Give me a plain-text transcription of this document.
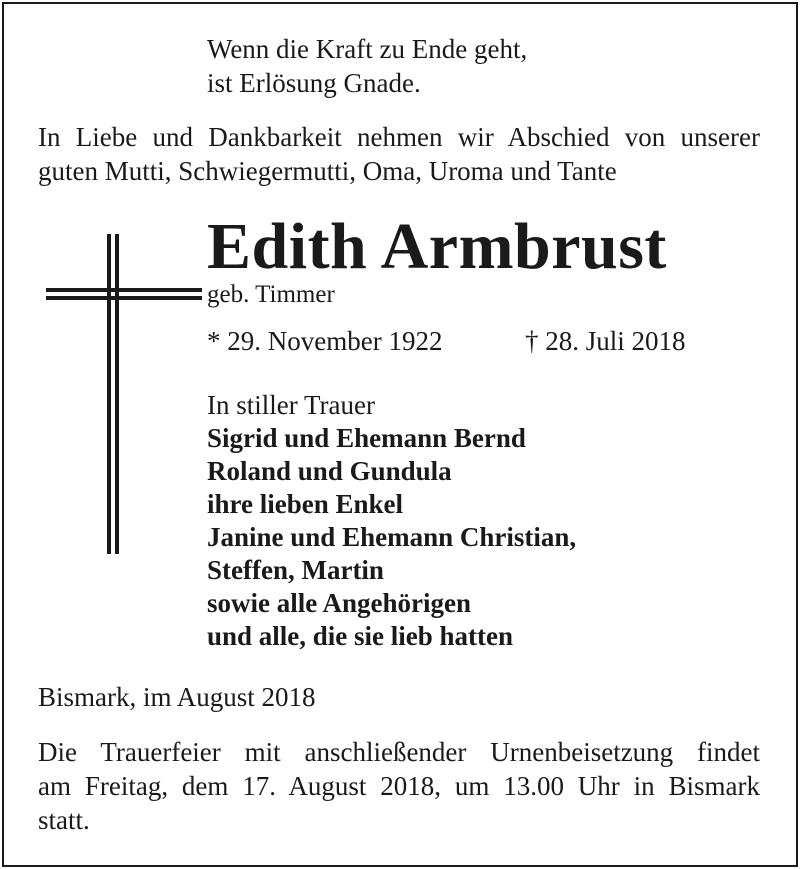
Wenn die Kraft zu Ende geht,
ist Erlösung Gnade.
In Liebe und Dankbarkeit nehmen wir Abschied von unserer
guten Mutti, Schwiegermutti, Oma, Uroma und Tante
Edith Armbrust
geb. Timmer
* 29. November 1922	† 28. Juli 2018
In stiller Trauer
Sigrid und Ehemann Bernd
Roland und Gundula
ihre lieben Enkel
Janine und Ehemann Christian,
Steffen, Martin
sowie alle Angehörigen
und alle, die sie lieb hatten
Bismark, im August 2018
Die Trauerfeier mit anschließender Urnenbeisetzung findet
am Freitag, dem 17. August 2018, um 13.00 Uhr in Bismark
statt.
